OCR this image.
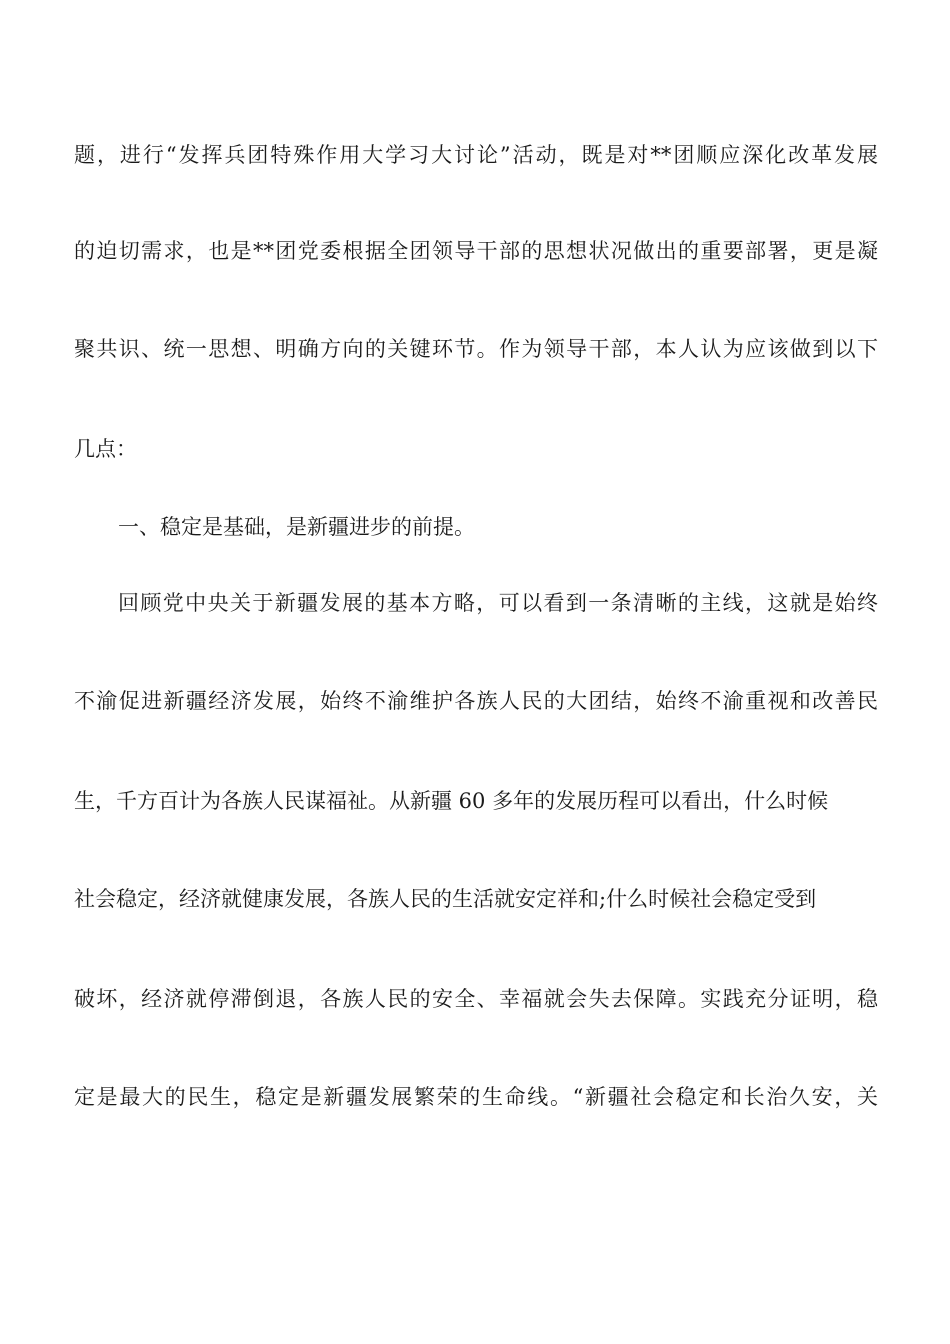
题，进行“发挥兵团特殊作用大学习大讨论”活动，既是对**团顺应深化改革发展
的迫切需求，也是**团党委根据全团领导干部的思想状况做出的重要部署，更是凝
聚共识、统一思想、明确方向的关键环节。作为领导干部，本人认为应该做到以下
几点：
一、稳定是基础，是新疆进步的前提。
回顾党中央关于新疆发展的基本方略，可以看到一条清晰的主线，这就是始终
不渝促进新疆经济发展，始终不渝维护各族人民的大团结，始终不渝重视和改善民
生，千方百计为各族人民谋福祉。从新疆 60 多年的发展历程可以看出，什么时候
社会稳定，经济就健康发展，各族人民的生活就安定祥和;什么时候社会稳定受到
破坏，经济就停滞倒退，各族人民的安全、幸福就会失去保障。实践充分证明，稳
定是最大的民生，稳定是新疆发展繁荣的生命线。“新疆社会稳定和长治久安，关
